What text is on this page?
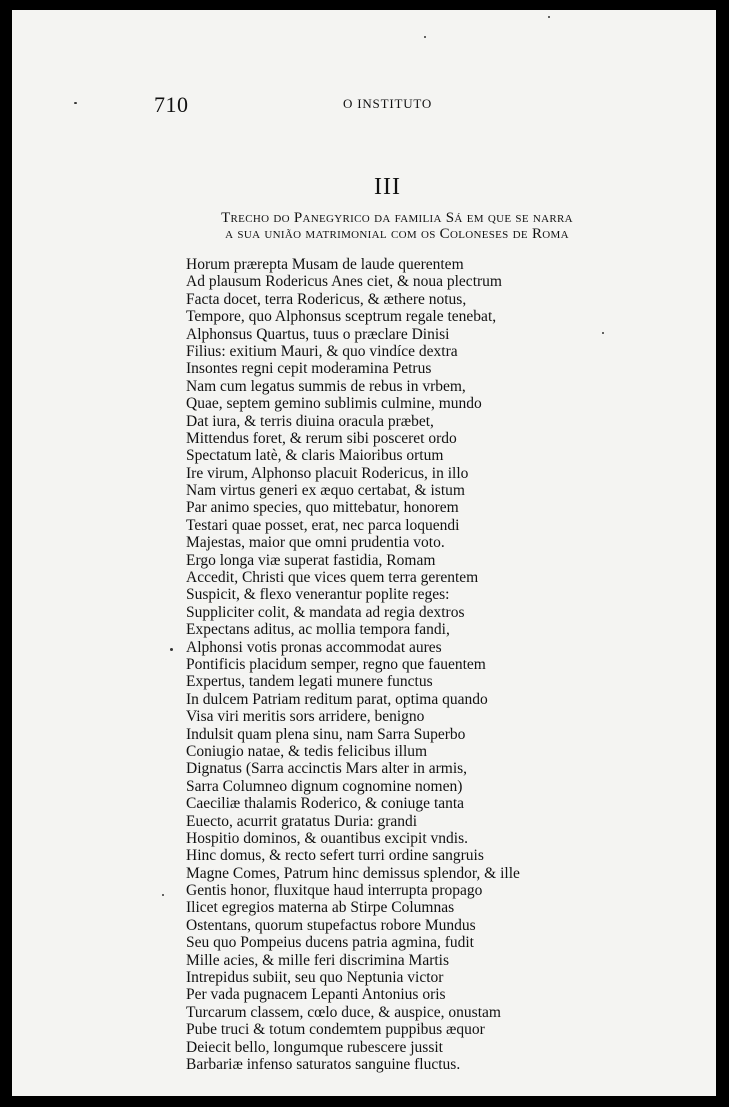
710	O INSTITUTO
III
Trecho do Panegyrico da familia Sá em que se narra
a sua união matrimonial com os Coloneses de Roma
Horum prærepta Musam de laude querentem
Ad plausum Rodericus Anes ciet, & noua plectrum
Facta docet, terra Rodericus, & æthere notus,
Tempore, quo Alphonsus sceptrum regale tenebat,
Alphonsus Quartus, tuus o præclare Dinisi
Filius: exitium Mauri, & quo vindíce dextra
Insontes regni cepit moderamina Petrus
Nam cum legatus summis de rebus in vrbem,
Quae, septem gemino sublimis culmine, mundo
Dat iura, & terris diuina oracula præbet,
Mittendus foret, & rerum sibi posceret ordo
Spectatum latè, & claris Maioribus ortum
Ire virum, Alphonso placuit Rodericus, in illo
Nam virtus generi ex æquo certabat, & istum
Par animo species, quo mittebatur, honorem
Testari quae posset, erat, nec parca loquendi
Majestas, maior que omni prudentia voto.
Ergo longa viæ superat fastidia, Romam
Accedit, Christi que vices quem terra gerentem
Suspicit, & flexo venerantur poplite reges:
Suppliciter colit, & mandata ad regia dextros
Expectans aditus, ac mollia tempora fandi,
Alphonsi votis pronas accommodat aures
Pontificis placidum semper, regno que fauentem
Expertus, tandem legati munere functus
In dulcem Patriam reditum parat, optima quando
Visa viri meritis sors arridere, benigno
Indulsit quam plena sinu, nam Sarra Superbo
Coniugio natae, & tedis felicibus illum
Dignatus (Sarra accinctis Mars alter in armis,
Sarra Columneo dignum cognomine nomen)
Caeciliæ thalamis Roderico, & coniuge tanta
Euecto, acurrit gratatus Duria: grandi
Hospitio dominos, & ouantibus excipit vndis.
Hinc domus, & recto sefert turri ordine sangruis
Magne Comes, Patrum hinc demissus splendor, & ille
Gentis honor, fluxitque haud interrupta propago
Ilicet egregios materna ab Stirpe Columnas
Ostentans, quorum stupefactus robore Mundus
Seu quo Pompeius ducens patria agmina, fudit
Mille acies, & mille feri discrimina Martis
Intrepidus subiit, seu quo Neptunia victor
Per vada pugnacem Lepanti Antonius oris
Turcarum classem, cœlo duce, & auspice, onustam
Pube truci & totum condemtem puppibus æquor
Deiecit bello, longumque rubescere jussit
Barbariæ infenso saturatos sanguine fluctus.
